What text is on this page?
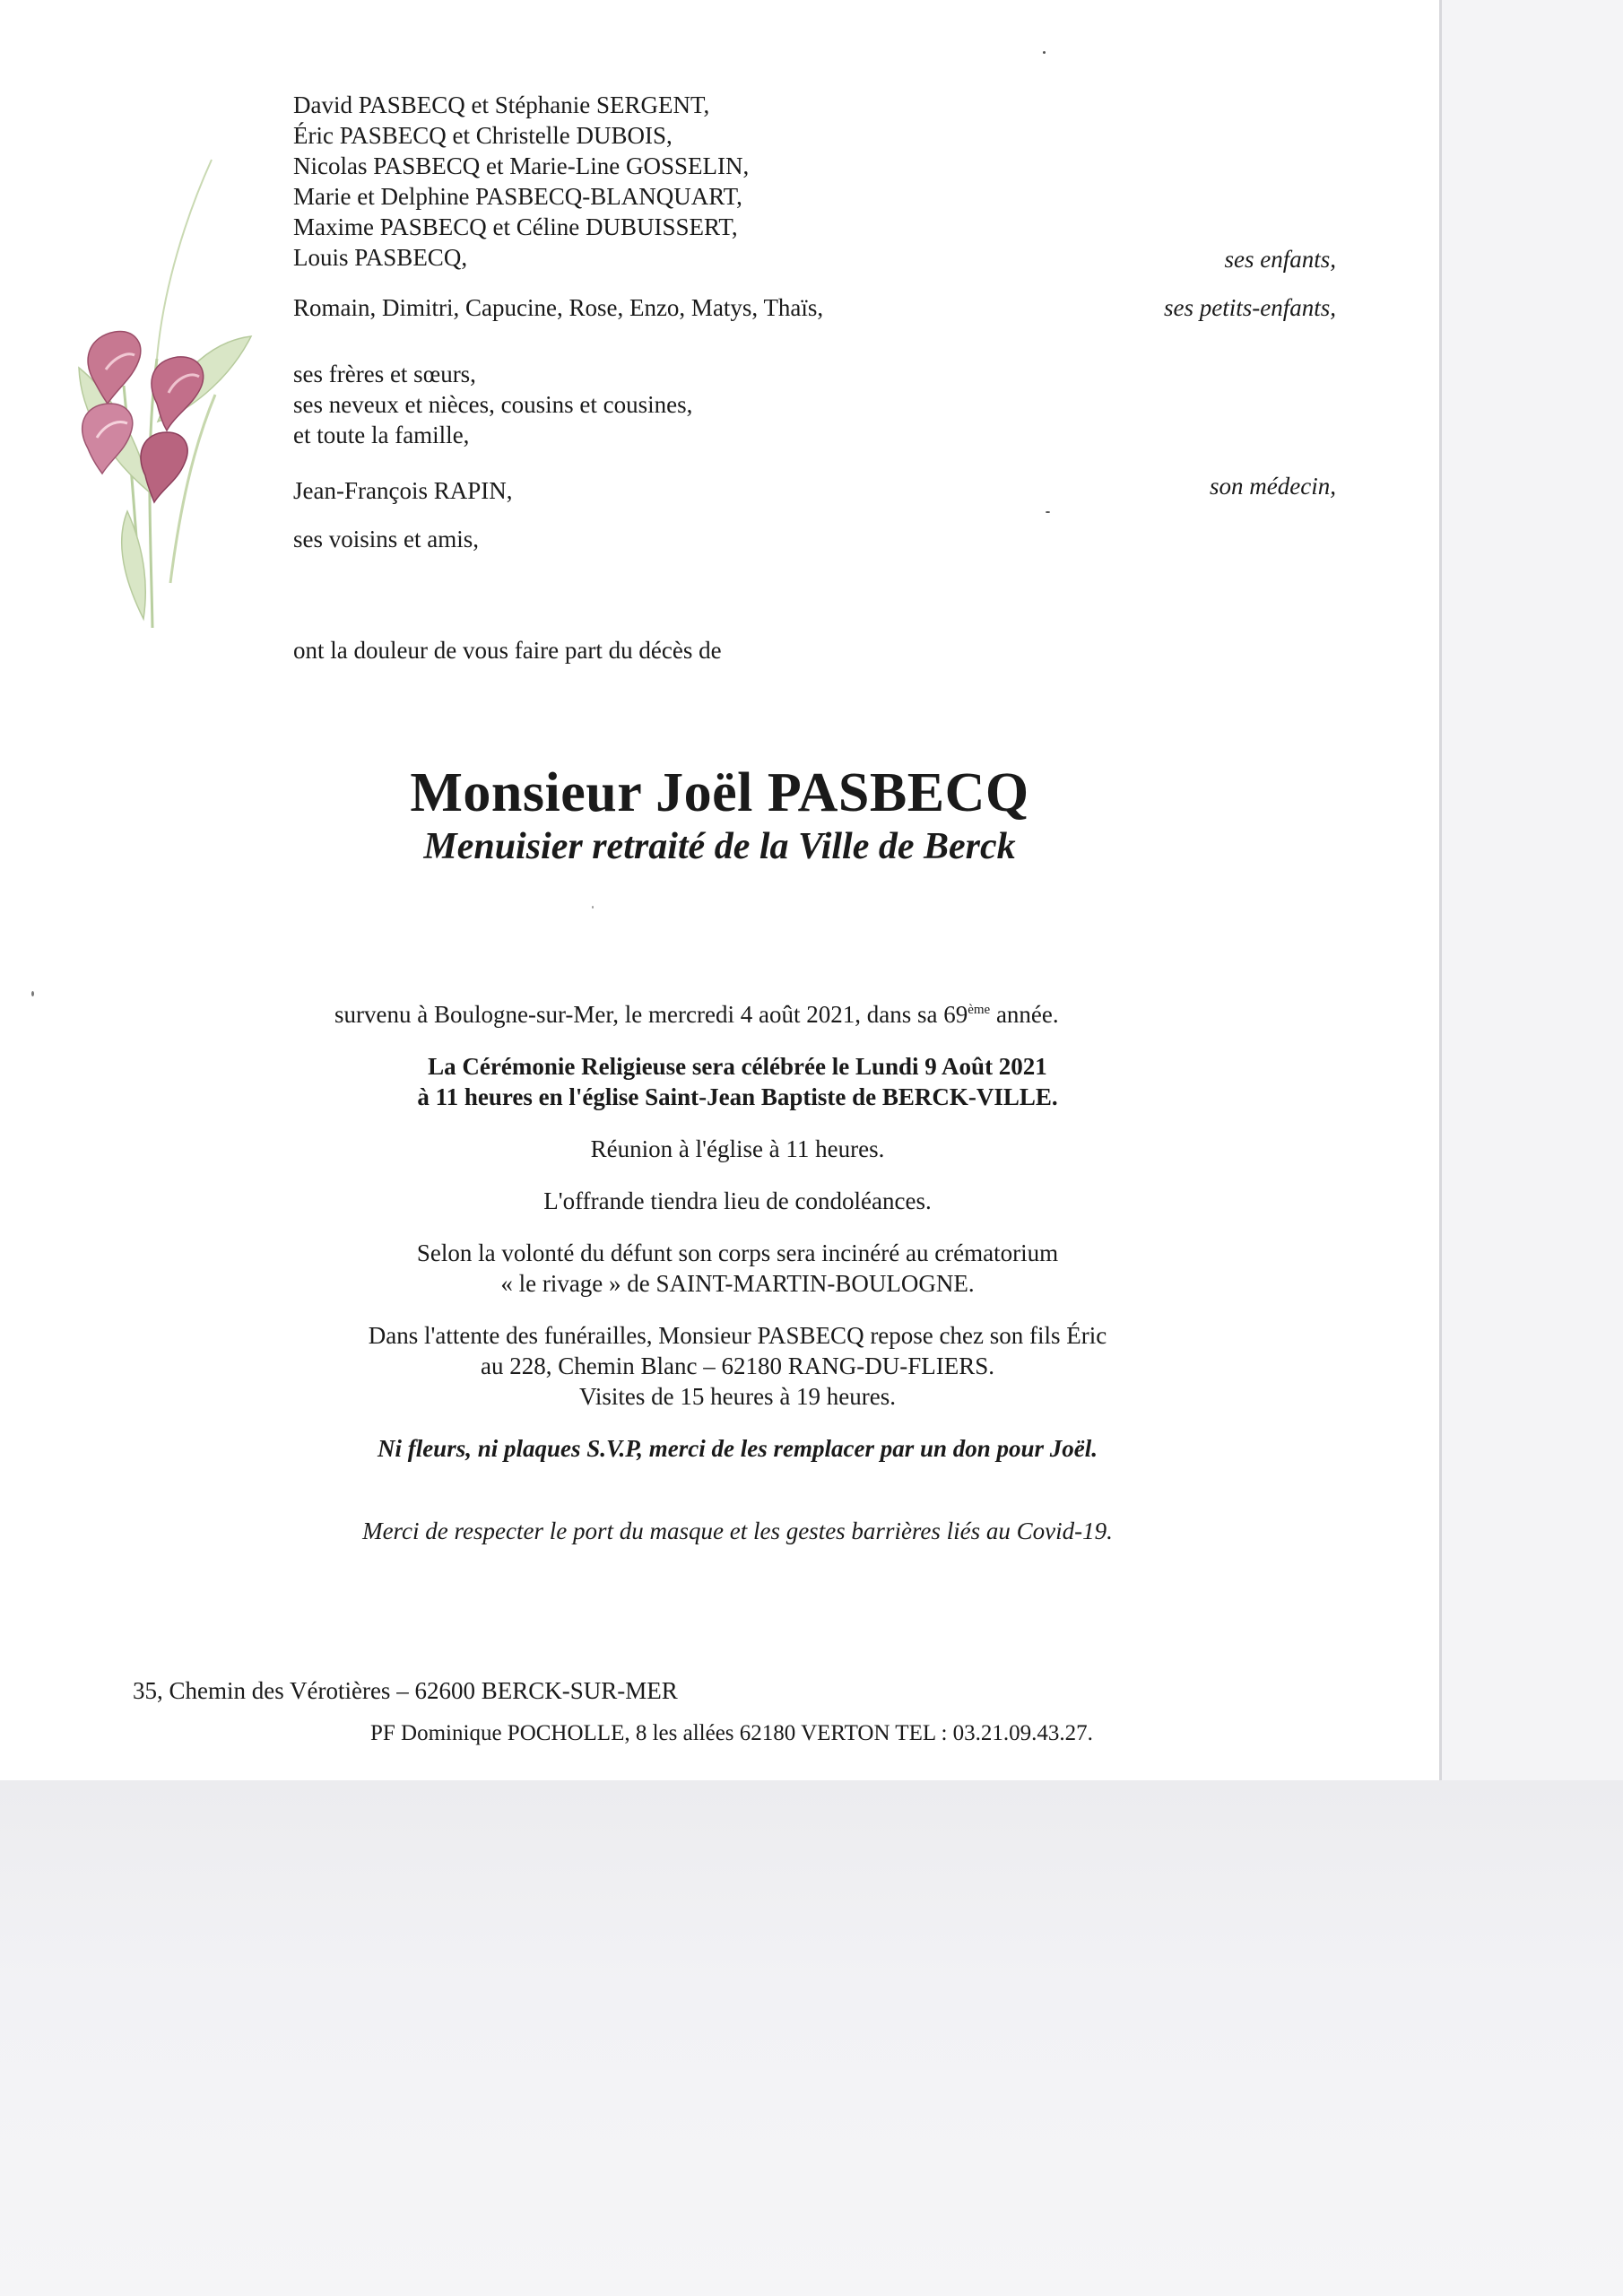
David PASBECQ et Stéphanie SERGENT,
Éric PASBECQ et Christelle DUBOIS,
Nicolas PASBECQ et Marie-Line GOSSELIN,
Marie et Delphine PASBECQ-BLANQUART,
Maxime PASBECQ et Céline DUBUISSERT,
Louis PASBECQ,	ses enfants,
Romain, Dimitri, Capucine, Rose, Enzo, Matys, Thaïs,	ses petits-enfants,
ses frères et sœurs,
ses neveux et nièces, cousins et cousines,
et toute la famille,
Jean-François RAPIN,	son médecin,
ses voisins et amis,
ont la douleur de vous faire part du décès de
Monsieur Joël PASBECQ
Menuisier retraité de la Ville de Berck
survenu à Boulogne-sur-Mer, le mercredi 4 août 2021, dans sa 69ème année.
La Cérémonie Religieuse sera célébrée le Lundi 9 Août 2021
à 11 heures en l'église Saint-Jean Baptiste de BERCK-VILLE.
Réunion à l'église à 11 heures.
L'offrande tiendra lieu de condoléances.
Selon la volonté du défunt son corps sera incinéré au crématorium
« le rivage » de SAINT-MARTIN-BOULOGNE.
Dans l'attente des funérailles, Monsieur PASBECQ repose chez son fils Éric
au 228, Chemin Blanc – 62180 RANG-DU-FLIERS.
Visites de 15 heures à 19 heures.
Ni fleurs, ni plaques S.V.P, merci de les remplacer par un don pour Joël.
Merci de respecter le port du masque et les gestes barrières liés au Covid-19.
35, Chemin des Vérotières – 62600 BERCK-SUR-MER
PF Dominique POCHOLLE, 8 les allées 62180 VERTON TEL : 03.21.09.43.27.
